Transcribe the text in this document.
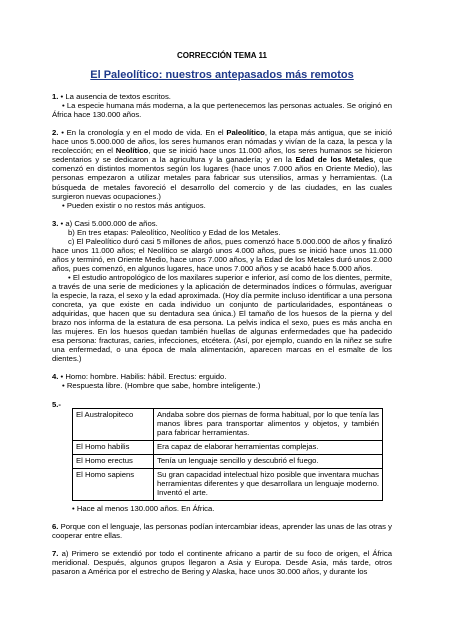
CORRECCIÓN TEMA 11
El Paleolítico: nuestros antepasados más remotos

1. • La ausencia de textos escritos.

• La especie humana más moderna, a la que pertenecemos las personas actuales. Se originó en África hace 130.000 años.

2. • En la cronología y en el modo de vida. En el Paleolítico, la etapa más antigua, que se inició hace unos 5.000.000 de años, los seres humanos eran nómadas y vivían de la caza, la pesca y la recolección; en el Neolítico, que se inició hace unos 11.000 años, los seres humanos se hicieron sedentarios y se dedicaron a la agricultura y la ganadería; y en la Edad de los Metales, que comenzó en distintos momentos según los lugares (hace unos 7.000 años en Oriente Medio), las personas empezaron a utilizar metales para fabricar sus utensilios, armas y herramientas. (La búsqueda de metales favoreció el desarrollo del comercio y de las ciudades, en las cuales surgieron nuevas ocupaciones.)

• Pueden existir o no restos más antiguos.

3. • a) Casi 5.000.000 de años.

b) En tres etapas: Paleolítico, Neolítico y Edad de los Metales.

c) El Paleolítico duró casi 5 millones de años, pues comenzó hace 5.000.000 de años y finalizó hace unos 11.000 años; el Neolítico se alargó unos 4.000 años, pues se inició hace unos 11.000 años y terminó, en Oriente Medio, hace unos 7.000 años, y la Edad de los Metales duró unos 2.000 años, pues comenzó, en algunos lugares, hace unos 7.000 años y se acabó hace 5.000 años.

• El estudio antropológico de los maxilares superior e inferior, así como de los dientes, permite, a través de una serie de mediciones y la aplicación de determinados índices o fórmulas, averiguar la especie, la raza, el sexo y la edad aproximada. (Hoy día permite incluso identificar a una persona concreta, ya que existe en cada individuo un conjunto de particularidades, espontáneas o adquiridas, que hacen que su dentadura sea única.) El tamaño de los huesos de la pierna y del brazo nos informa de la estatura de esa persona. La pelvis indica el sexo, pues es más ancha en las mujeres. En los huesos quedan también huellas de algunas enfermedades que ha padecido esa persona: fracturas, caries, infecciones, etcétera. (Así, por ejemplo, cuando en la niñez se sufre una enfermedad, o una época de mala alimentación, aparecen marcas en el esmalte de los dientes.)

4. • Homo: hombre. Habilis: hábil. Erectus: erguido.

• Respuesta libre. (Hombre que sabe, hombre inteligente.)

5.-
El Australopiteco	Andaba sobre dos piernas de forma habitual, por lo que tenía las manos libres para transportar alimentos y objetos, y también para fabricar herramientas.
El Homo habilis	Era capaz de elaborar herramientas complejas.
El Homo erectus	Tenía un lenguaje sencillo y descubrió el fuego.
El Homo sapiens	Su gran capacidad intelectual hizo posible que inventara muchas herramientas diferentes y que desarrollara un lenguaje moderno. Inventó el arte.

• Hace al menos 130.000 años. En África.

6. Porque con el lenguaje, las personas podían intercambiar ideas, aprender las unas de las otras y cooperar entre ellas.

7. a) Primero se extendió por todo el continente africano a partir de su foco de origen, el África meridional. Después, algunos grupos llegaron a Asia y Europa. Desde Asia, más tarde, otros pasaron a América por el estrecho de Bering y Alaska, hace unos 30.000 años, y durante los
